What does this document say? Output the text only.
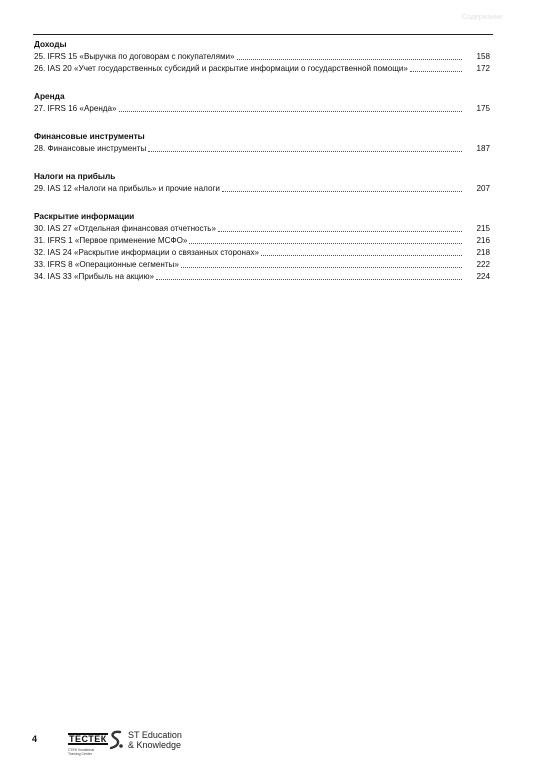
Содержание
Доходы
25. IFRS 15 «Выручка по договорам с покупателями»	158
26. IAS 20 «Учет государственных субсидий и раскрытие информации о государственной помощи»	172
Аренда
27. IFRS 16 «Аренда»	175
Финансовые инструменты
28. Финансовые инструменты	187
Налоги на прибыль
29. IAS 12 «Налоги на прибыль» и прочие налоги	207
Раскрытие информации
30. IAS 27 «Отдельная финансовая отчетность»	215
31. IFRS 1 «Первое применение МСФО»	216
32. IAS 24 «Раскрытие информации о связанных сторонах»	218
33. IFRS 8 «Операционные сегменты»	222
34. IAS 33 «Прибыль на акцию»	224
4	ТЕСТЕК
СТЕК Vocational Training Center
ST Education
& Knowledge
